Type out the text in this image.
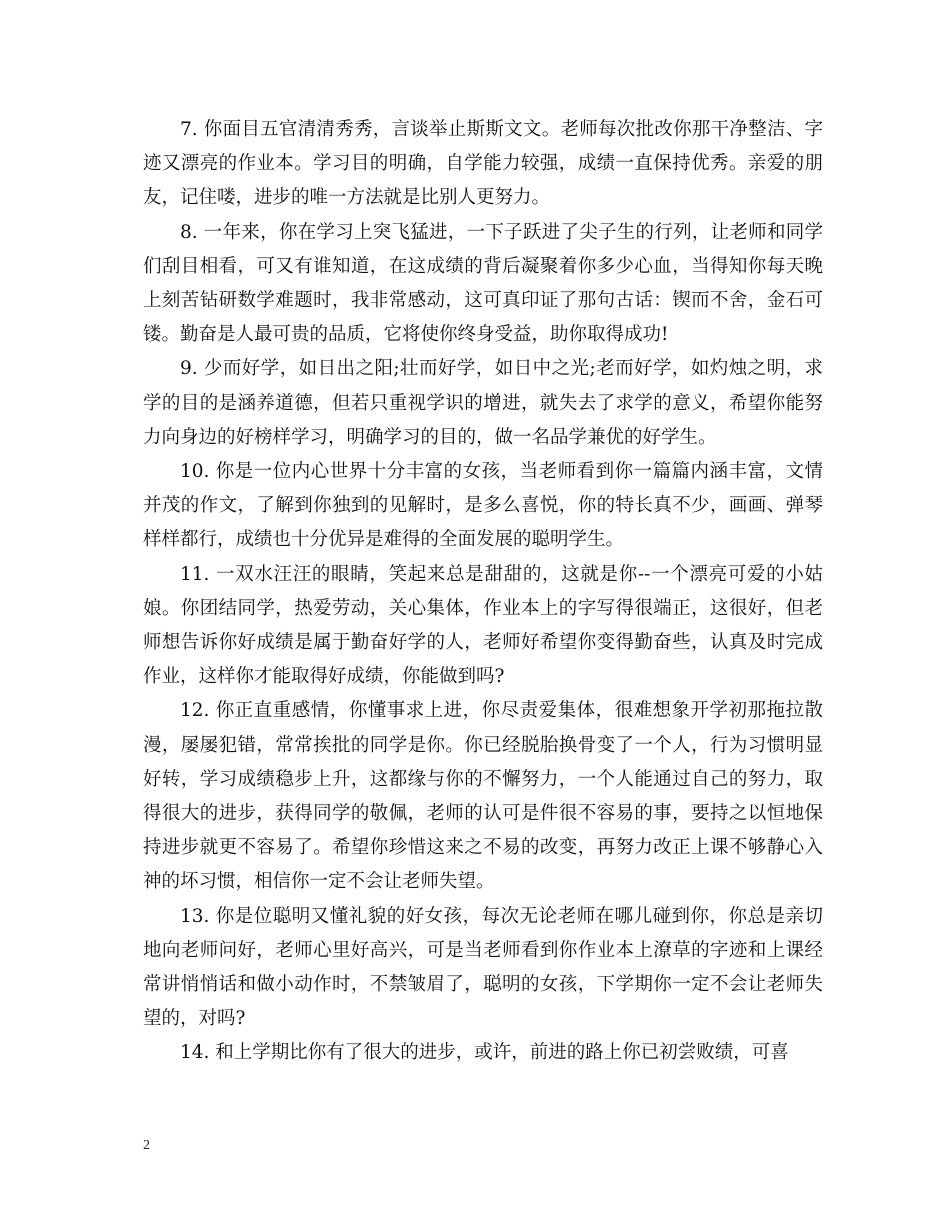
7. 你面目五官清清秀秀，言谈举止斯斯文文。老师每次批改你那干净整洁、字迹又漂亮的作业本。学习目的明确，自学能力较强，成绩一直保持优秀。亲爱的朋友，记住喽，进步的唯一方法就是比别人更努力。

8. 一年来，你在学习上突飞猛进，一下子跃进了尖子生的行列，让老师和同学们刮目相看，可又有谁知道，在这成绩的背后凝聚着你多少心血，当得知你每天晚上刻苦钻研数学难题时，我非常感动，这可真印证了那句古话：锲而不舍，金石可镂。勤奋是人最可贵的品质，它将使你终身受益，助你取得成功!

9. 少而好学，如日出之阳;壮而好学，如日中之光;老而好学，如灼烛之明，求学的目的是涵养道德，但若只重视学识的增进，就失去了求学的意义，希望你能努力向身边的好榜样学习，明确学习的目的，做一名品学兼优的好学生。

10. 你是一位内心世界十分丰富的女孩，当老师看到你一篇篇内涵丰富，文情并茂的作文，了解到你独到的见解时，是多么喜悦，你的特长真不少，画画、弹琴样样都行，成绩也十分优异是难得的全面发展的聪明学生。

11. 一双水汪汪的眼睛，笑起来总是甜甜的，这就是你--一个漂亮可爱的小姑娘。你团结同学，热爱劳动，关心集体，作业本上的字写得很端正，这很好，但老师想告诉你好成绩是属于勤奋好学的人，老师好希望你变得勤奋些，认真及时完成作业，这样你才能取得好成绩，你能做到吗?

12. 你正直重感情，你懂事求上进，你尽责爱集体，很难想象开学初那拖拉散漫，屡屡犯错，常常挨批的同学是你。你已经脱胎换骨变了一个人，行为习惯明显好转，学习成绩稳步上升，这都缘与你的不懈努力，一个人能通过自己的努力，取得很大的进步，获得同学的敬佩，老师的认可是件很不容易的事，要持之以恒地保持进步就更不容易了。希望你珍惜这来之不易的改变，再努力改正上课不够静心入神的坏习惯，相信你一定不会让老师失望。

13. 你是位聪明又懂礼貌的好女孩，每次无论老师在哪儿碰到你，你总是亲切地向老师问好，老师心里好高兴，可是当老师看到你作业本上潦草的字迹和上课经常讲悄悄话和做小动作时，不禁皱眉了，聪明的女孩，下学期你一定不会让老师失望的，对吗?

14. 和上学期比你有了很大的进步，或许，前进的路上你已初尝败绩，可喜

2
